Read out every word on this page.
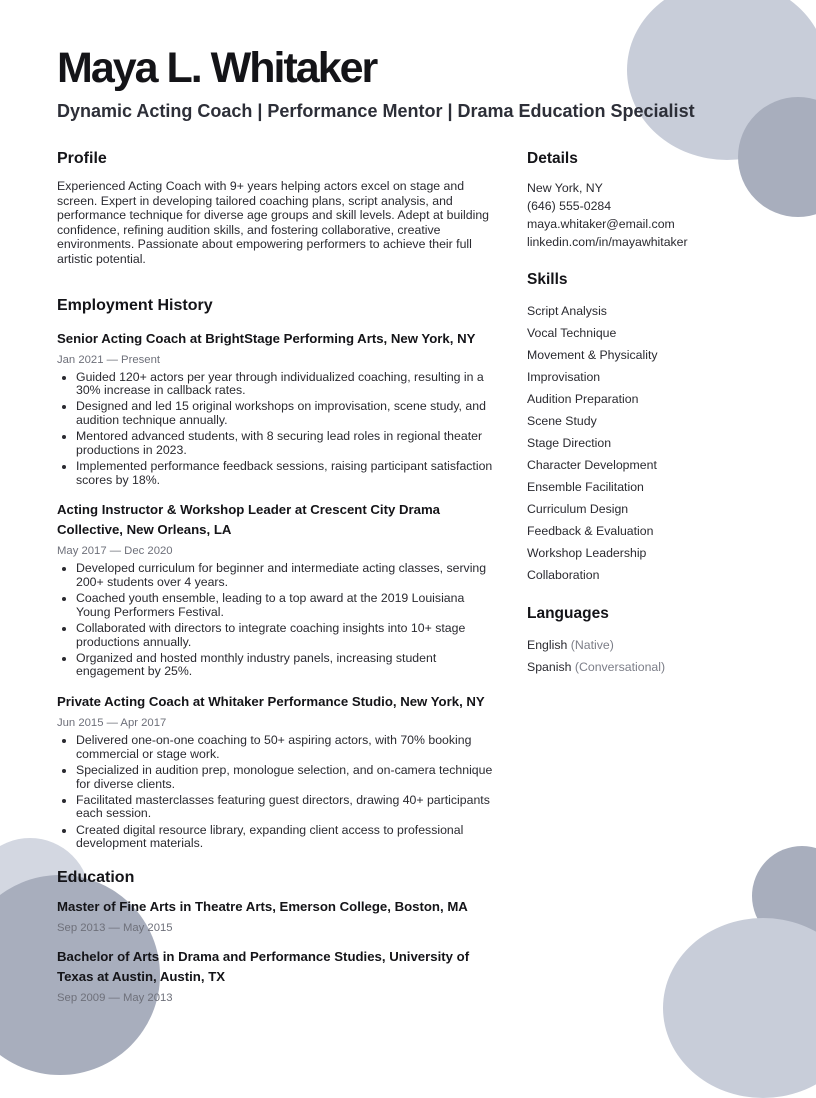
Maya L. Whitaker
Dynamic Acting Coach | Performance Mentor | Drama Education Specialist
Profile

Experienced Acting Coach with 9+ years helping actors excel on stage and screen. Expert in developing tailored coaching plans, script analysis, and performance technique for diverse age groups and skill levels. Adept at building confidence, refining audition skills, and fostering collaborative, creative environments. Passionate about empowering performers to achieve their full artistic potential.

Employment History
Senior Acting Coach at BrightStage Performing Arts, New York, NY
Jan 2021 — Present
• Guided 120+ actors per year through individualized coaching, resulting in a 30% increase in callback rates.
• Designed and led 15 original workshops on improvisation, scene study, and audition technique annually.
• Mentored advanced students, with 8 securing lead roles in regional theater productions in 2023.
• Implemented performance feedback sessions, raising participant satisfaction scores by 18%.
Acting Instructor & Workshop Leader at Crescent City Drama Collective, New Orleans, LA
May 2017 — Dec 2020
• Developed curriculum for beginner and intermediate acting classes, serving 200+ students over 4 years.
• Coached youth ensemble, leading to a top award at the 2019 Louisiana Young Performers Festival.
• Collaborated with directors to integrate coaching insights into 10+ stage productions annually.
• Organized and hosted monthly industry panels, increasing student engagement by 25%.
Private Acting Coach at Whitaker Performance Studio, New York, NY
Jun 2015 — Apr 2017
• Delivered one-on-one coaching to 50+ aspiring actors, with 70% booking commercial or stage work.
• Specialized in audition prep, monologue selection, and on-camera technique for diverse clients.
• Facilitated masterclasses featuring guest directors, drawing 40+ participants each session.
• Created digital resource library, expanding client access to professional development materials.
Education
Master of Fine Arts in Theatre Arts, Emerson College, Boston, MA
Sep 2013 — May 2015
Bachelor of Arts in Drama and Performance Studies, University of Texas at Austin, Austin, TX
Sep 2009 — May 2013
Details
New York, NY
(646) 555-0284
maya.whitaker@email.com
linkedin.com/in/mayawhitaker
Skills
Script Analysis
Vocal Technique
Movement & Physicality
Improvisation
Audition Preparation
Scene Study
Stage Direction
Character Development
Ensemble Facilitation
Curriculum Design
Feedback & Evaluation
Workshop Leadership
Collaboration
Languages
English (Native)
Spanish (Conversational)
